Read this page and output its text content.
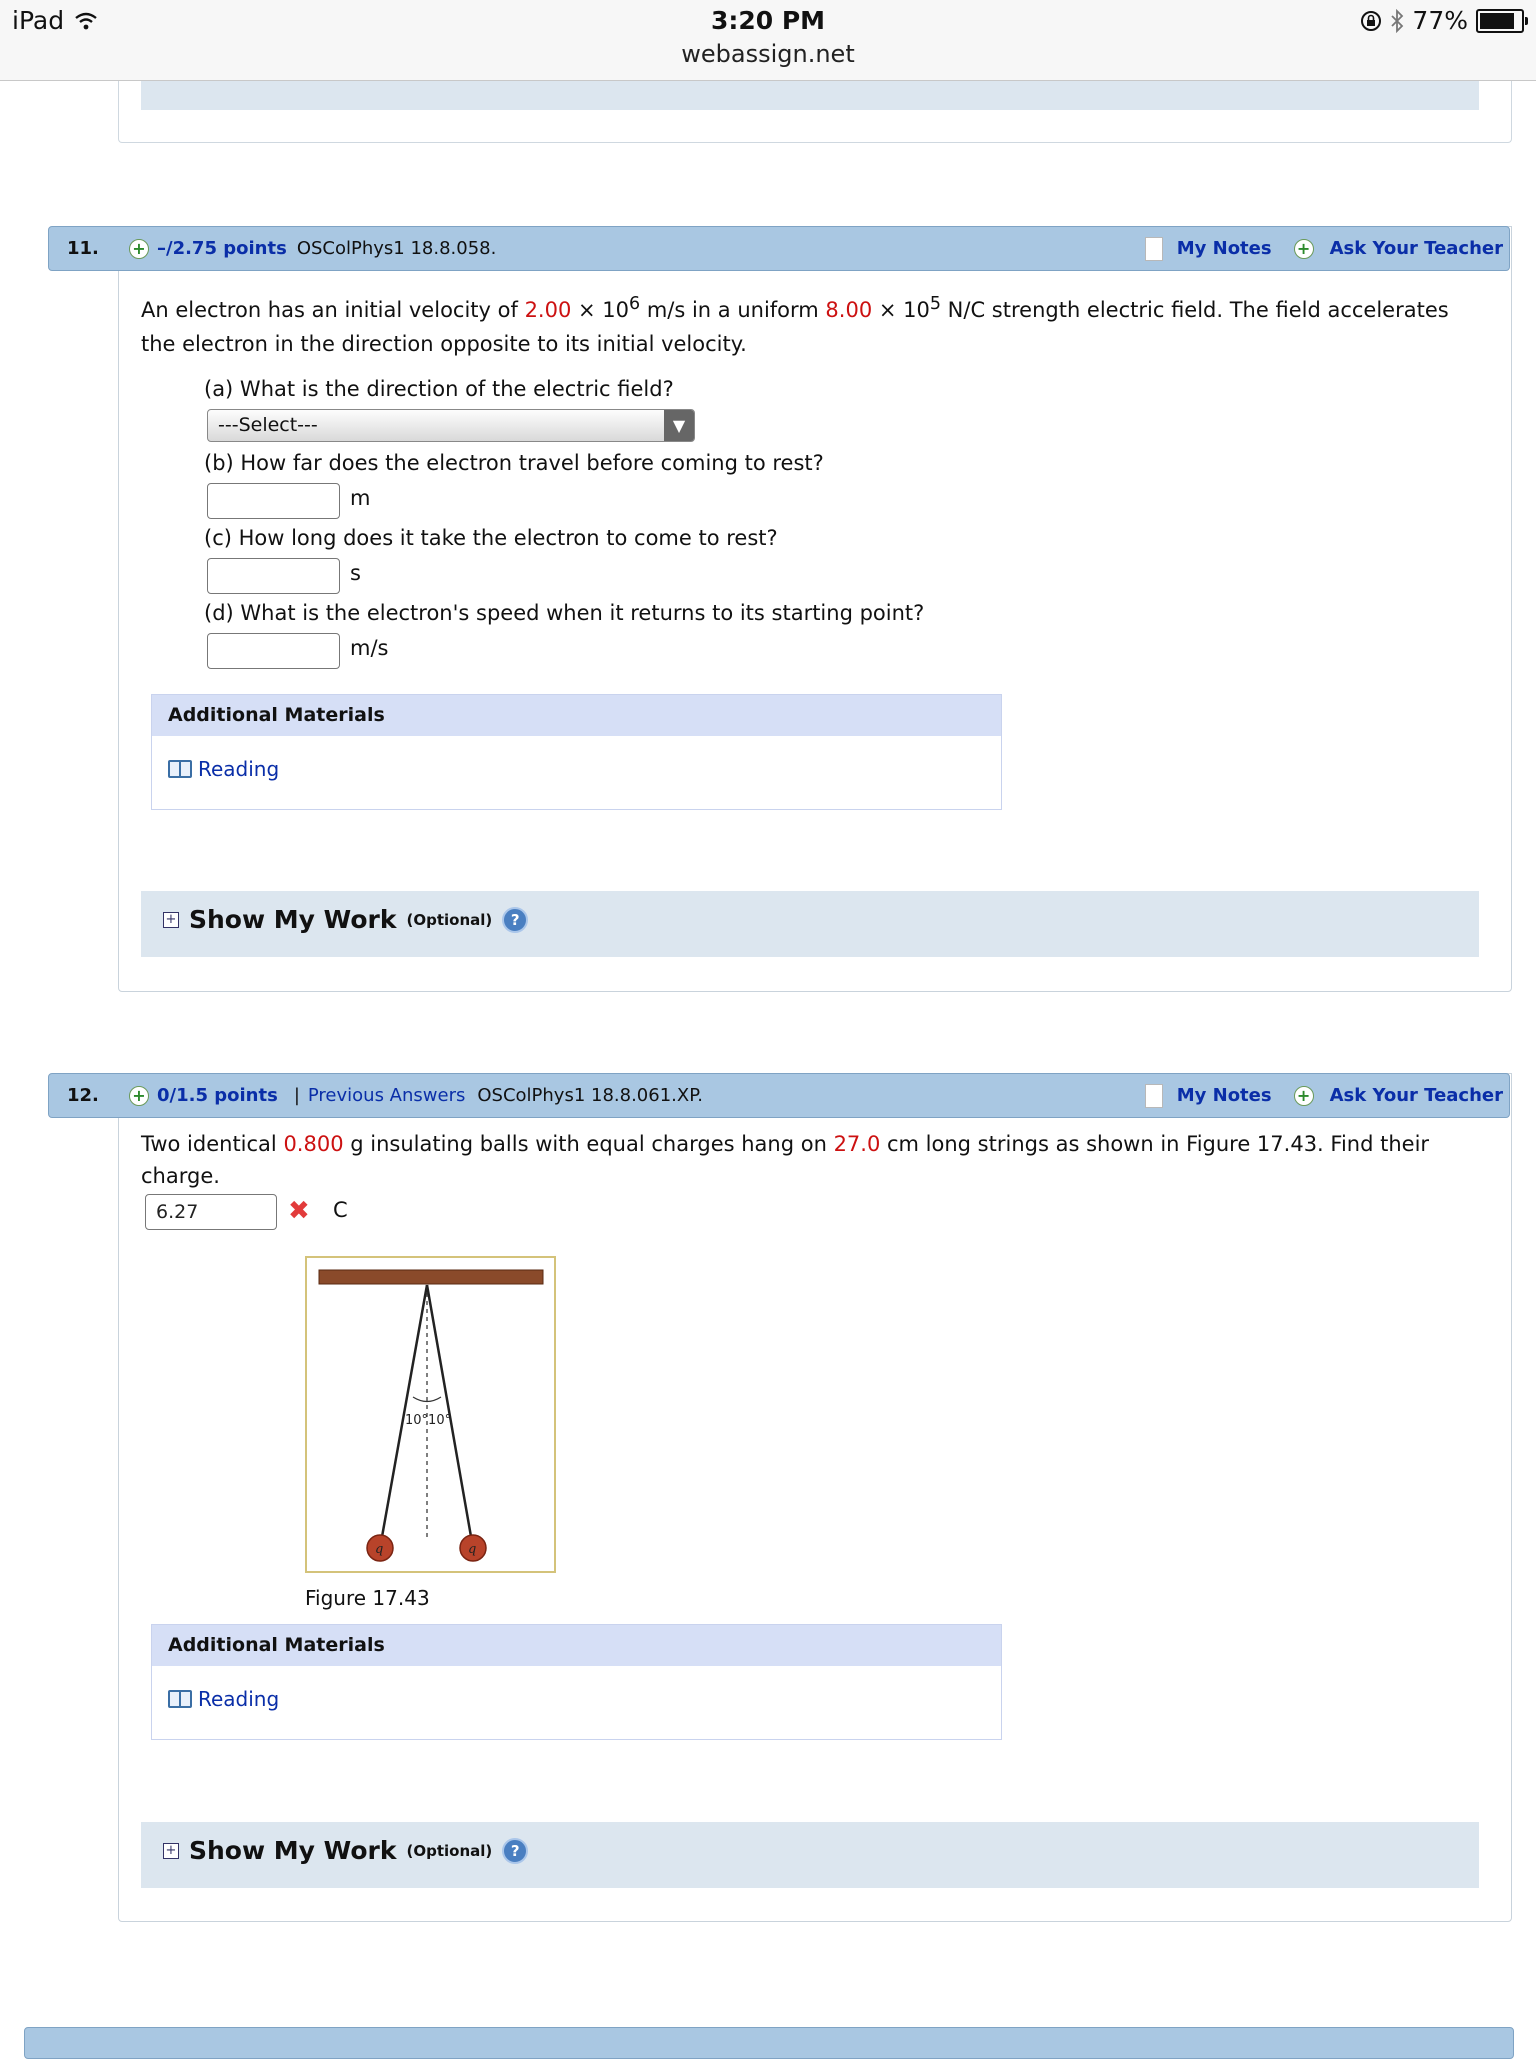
iPad	3:20 PM
webassign.net
77%
11.	+ –/2.75 points OSColPhys1 18.8.058.	My Notes + Ask Your Teacher
An electron has an initial velocity of $2.00 \times 10^6$ m/s in a uniform $8.00 \times 10^5$ N/C strength electric field. The field accelerates the electron in the direction opposite to its initial velocity.
(a) What is the direction of the electric field?
---Select---	▼
(b) How far does the electron travel before coming to rest?
m
(c) How long does it take the electron to come to rest?
s
(d) What is the electron's speed when it returns to its starting point?
m/s
Additional Materials
Reading
+ Show My Work (Optional)	?
12.	+ 0/1.5 points | Previous Answers OSColPhys1 18.8.061.XP.	My Notes + Ask Your Teacher
Two identical 0.800 g insulating balls with equal charges hang on 27.0 cm long strings as shown in Figure 17.43. Find their charge.
6.27	✖ C
10°10°
q	q
Figure 17.43
Additional Materials
Reading
+ Show My Work (Optional)	?
